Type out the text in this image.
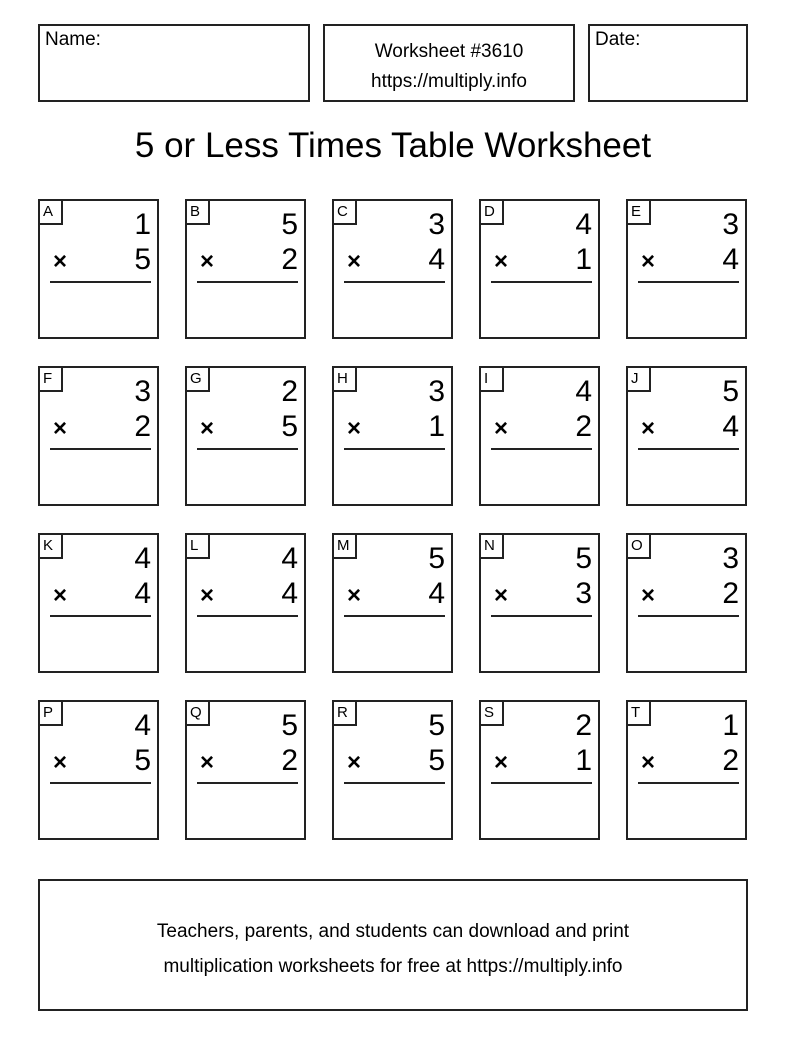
Name:
Worksheet #3610
https://multiply.info
Date:
5 or Less Times Table Worksheet
A	1
× 5
B	5
× 2
C	3
× 4
D	4
× 1
E	3
× 4
F	3
× 2
G	2
× 5
H	3
× 1
I	4
× 2
J	5
× 4
K	4
× 4
L	4
× 4
M	5
× 4
N	5
× 3
O	3
× 2
P	4
× 5
Q	5
× 2
R	5
× 5
S	2
× 1
T	1
× 2
Teachers, parents, and students can download and print
multiplication worksheets for free at https://multiply.info
